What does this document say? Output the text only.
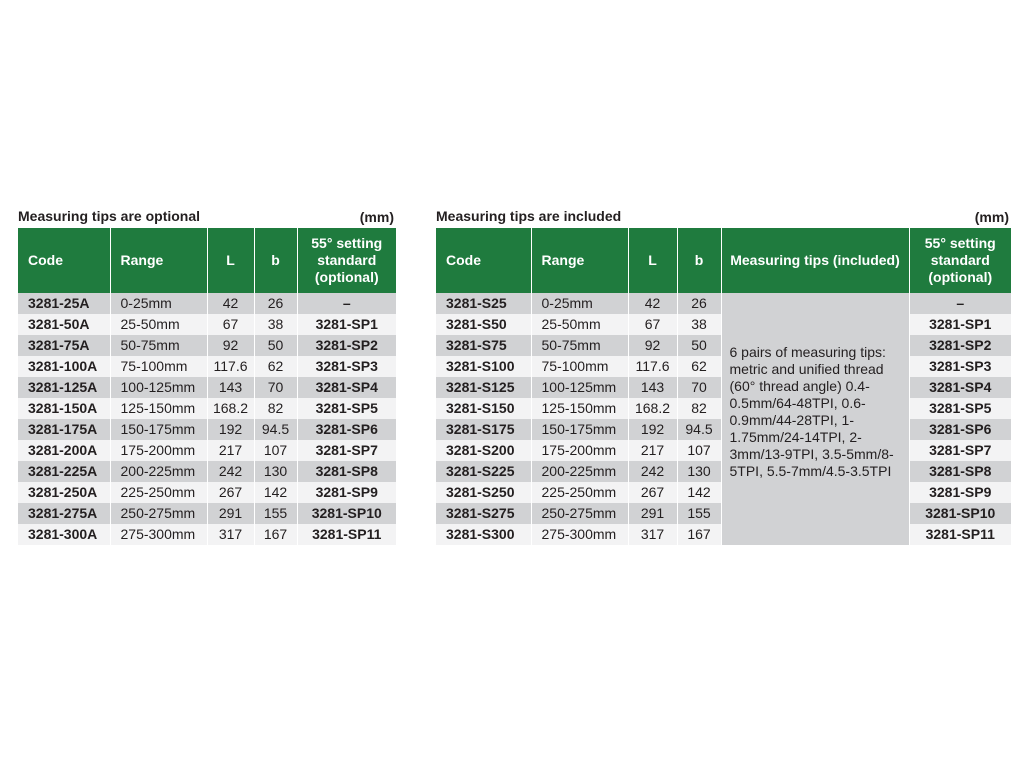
Measuring tips are optional	(mm)
Code	Range	L	b	55° setting standard (optional)
3281-25A	0-25mm	42	26	–
3281-50A	25-50mm	67	38	3281-SP1
3281-75A	50-75mm	92	50	3281-SP2
3281-100A	75-100mm	117.6	62	3281-SP3
3281-125A	100-125mm	143	70	3281-SP4
3281-150A	125-150mm	168.2	82	3281-SP5
3281-175A	150-175mm	192	94.5	3281-SP6
3281-200A	175-200mm	217	107	3281-SP7
3281-225A	200-225mm	242	130	3281-SP8
3281-250A	225-250mm	267	142	3281-SP9
3281-275A	250-275mm	291	155	3281-SP10
3281-300A	275-300mm	317	167	3281-SP11
Measuring tips are included	(mm)
Code	Range	L	b	Measuring tips (included)	55° setting standard (optional)
3281-S25	0-25mm	42	26	6 pairs of measuring tips: metric and unified thread (60° thread angle) 0.4-0.5mm/64-48TPI, 0.6-0.9mm/44-28TPI, 1-1.75mm/24-14TPI, 2-3mm/13-9TPI, 3.5-5mm/8-5TPI, 5.5-7mm/4.5-3.5TPI	–
3281-S50	25-50mm	67	38		3281-SP1
3281-S75	50-75mm	92	50		3281-SP2
3281-S100	75-100mm	117.6	62		3281-SP3
3281-S125	100-125mm	143	70		3281-SP4
3281-S150	125-150mm	168.2	82		3281-SP5
3281-S175	150-175mm	192	94.5		3281-SP6
3281-S200	175-200mm	217	107		3281-SP7
3281-S225	200-225mm	242	130		3281-SP8
3281-S250	225-250mm	267	142		3281-SP9
3281-S275	250-275mm	291	155		3281-SP10
3281-S300	275-300mm	317	167		3281-SP11
